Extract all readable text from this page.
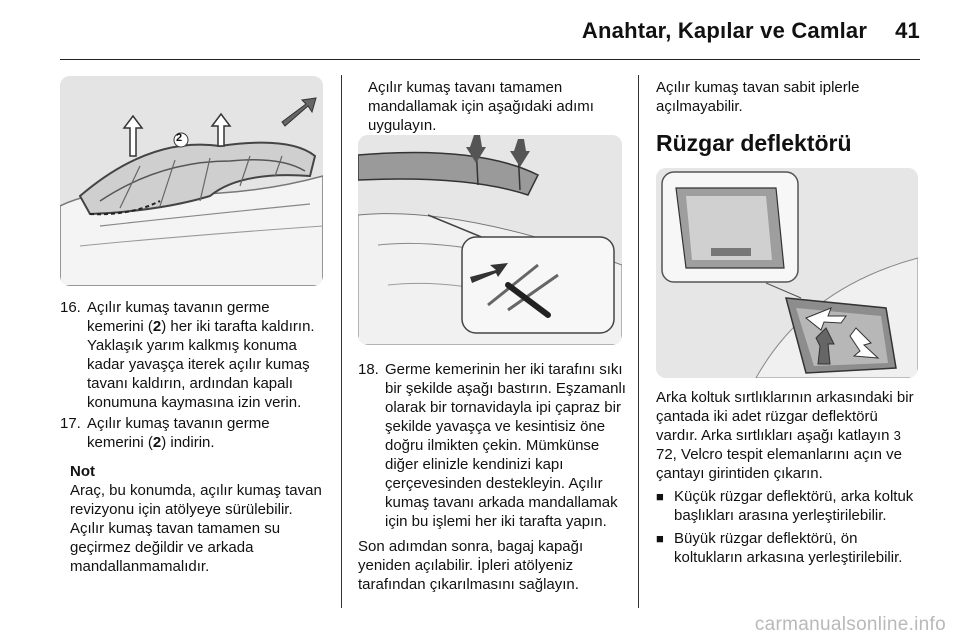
Anahtar, Kapılar ve Camlar 41
2

16. Açılır kumaş tavanın germe kemerini (2) her iki tarafta kaldırın. Yaklaşık yarım kalkmış konuma kadar yavaşça iterek açılır kumaş tavanı kaldırın, ardından kapalı konumuna kaymasına izin verin.

17. Açılır kumaş tavanın germe kemerini (2) indirin.

Not

Araç, bu konumda, açılır kumaş tavan revizyonu için atölyeye sürülebilir. Açılır kumaş tavan tamamen su geçirmez değildir ve arkada mandallanmamalıdır.

Açılır kumaş tavanı tamamen mandallamak için aşağıdaki adımı uygulayın.

18. Germe kemerinin her iki tarafını sıkı bir şekilde aşağı bastırın. Eşzamanlı olarak bir tornavidayla ipi çapraz bir şekilde yavaşça ve kesintisiz öne doğru ilmikten çekin. Mümkünse diğer elinizle kendinizi kapı çerçevesinden destekleyin. Açılır kumaş tavanı arkada mandallamak için bu işlemi her iki tarafta yapın.

Son adımdan sonra, bagaj kapağı yeniden açılabilir. İpleri atölyeniz tarafından çıkarılmasını sağlayın.

Açılır kumaş tavan sabit iplerle açılmayabilir.

Rüzgar deflektörü

Arka koltuk sırtlıklarının arkasındaki bir çantada iki adet rüzgar deflektörü vardır. Arka sırtlıkları aşağı katlayın 3 72, Velcro tespit elemanlarını açın ve çantayı girintiden çıkarın.

■ Küçük rüzgar deflektörü, arka koltuk başlıkları arasına yerleştirilebilir.
■ Büyük rüzgar deflektörü, ön koltukların arkasına yerleştirilebilir.
carmanualsonline.info
